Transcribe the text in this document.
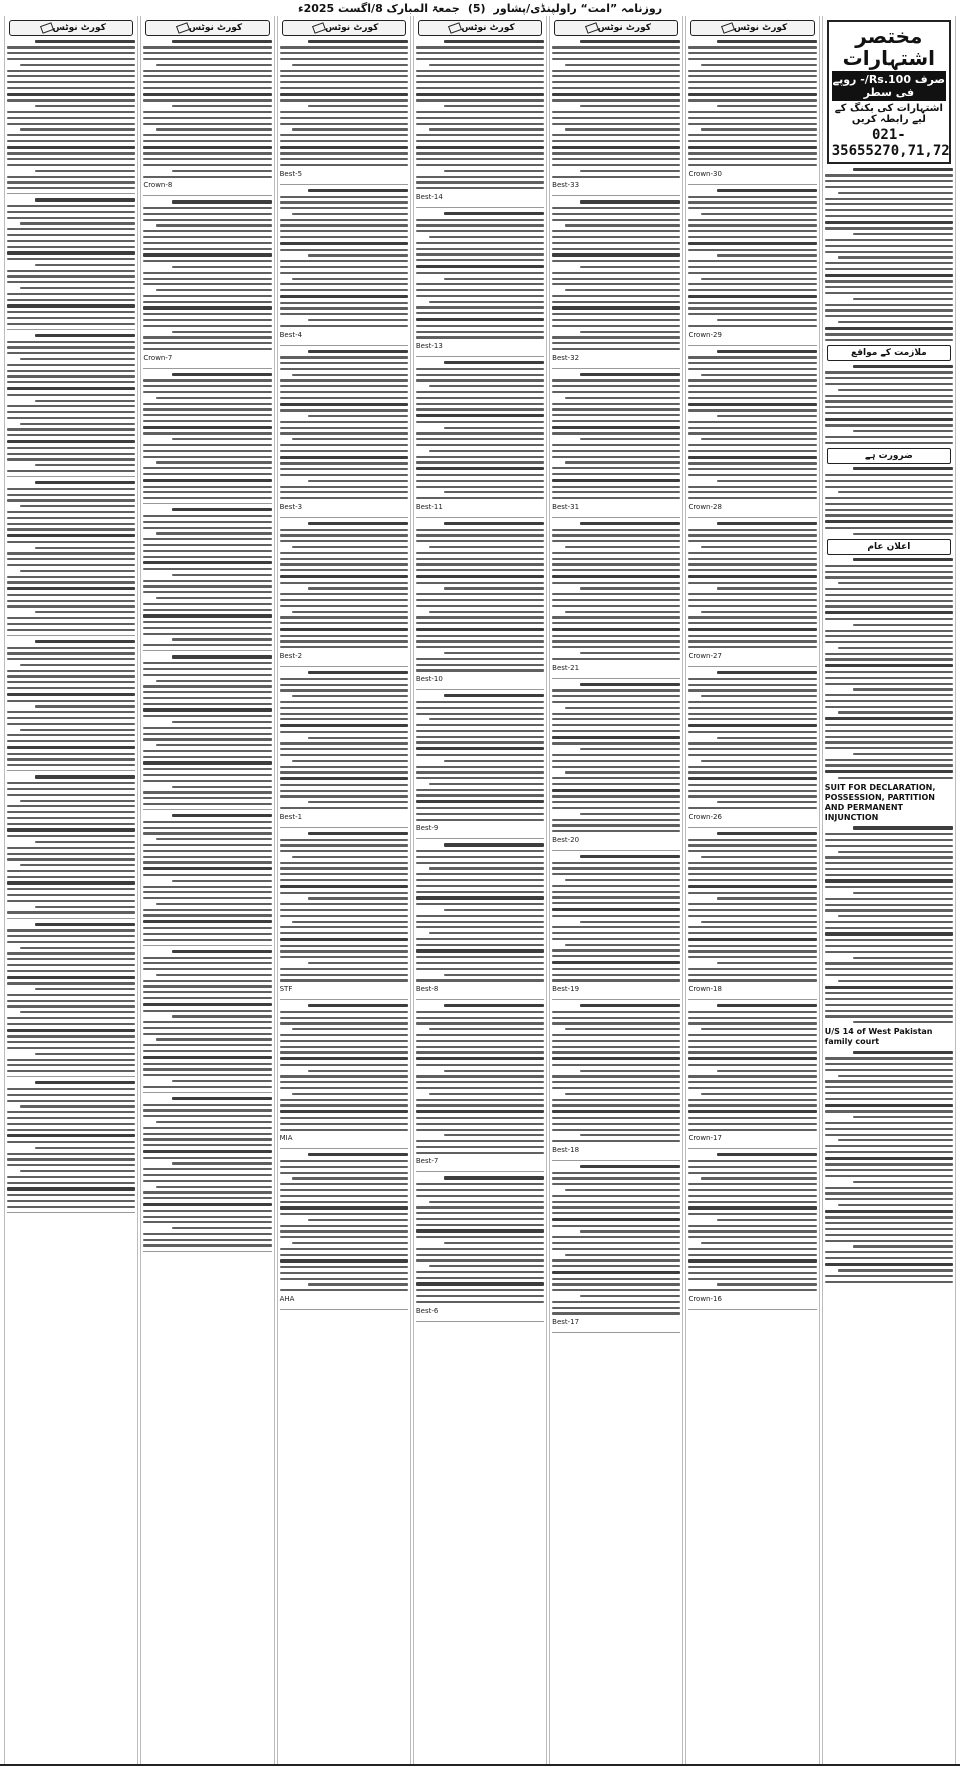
روزنامہ ”امت“ راولپنڈی/پشاور
(5)
جمعۃ المبارک 8/اگست 2025ء
مختصر اشتہارات
صرف Rs.100/- روپے فی سطر
اشتہارات کی بکنگ کے لیے رابطہ کریں
021-35655270,71,72
ملازمت کے مواقع
ضرورت ہے
اعلان عام
SUIT FOR DECLARATION, POSSESSION, PARTITION AND PERMANENT INJUNCTION
U/S 14 of West Pakistan family court
کورٹ نوٹس
Crown-30
Crown-29
Crown-28
Crown-27
Crown-26
Crown-18
Crown-17
Crown-16
کورٹ نوٹس
Best-33
Best-32
Best-31
Best-21
Best-20
Best-19
Best-18
Best-17
کورٹ نوٹس
Best-14
Best-13
Best-11
Best-10
Best-9
Best-8
Best-7
Best-6
کورٹ نوٹس
Best-5
Best-4
Best-3
Best-2
Best-1
STF
MIA
AHA
کورٹ نوٹس
Crown-8
Crown-7
کورٹ نوٹس
